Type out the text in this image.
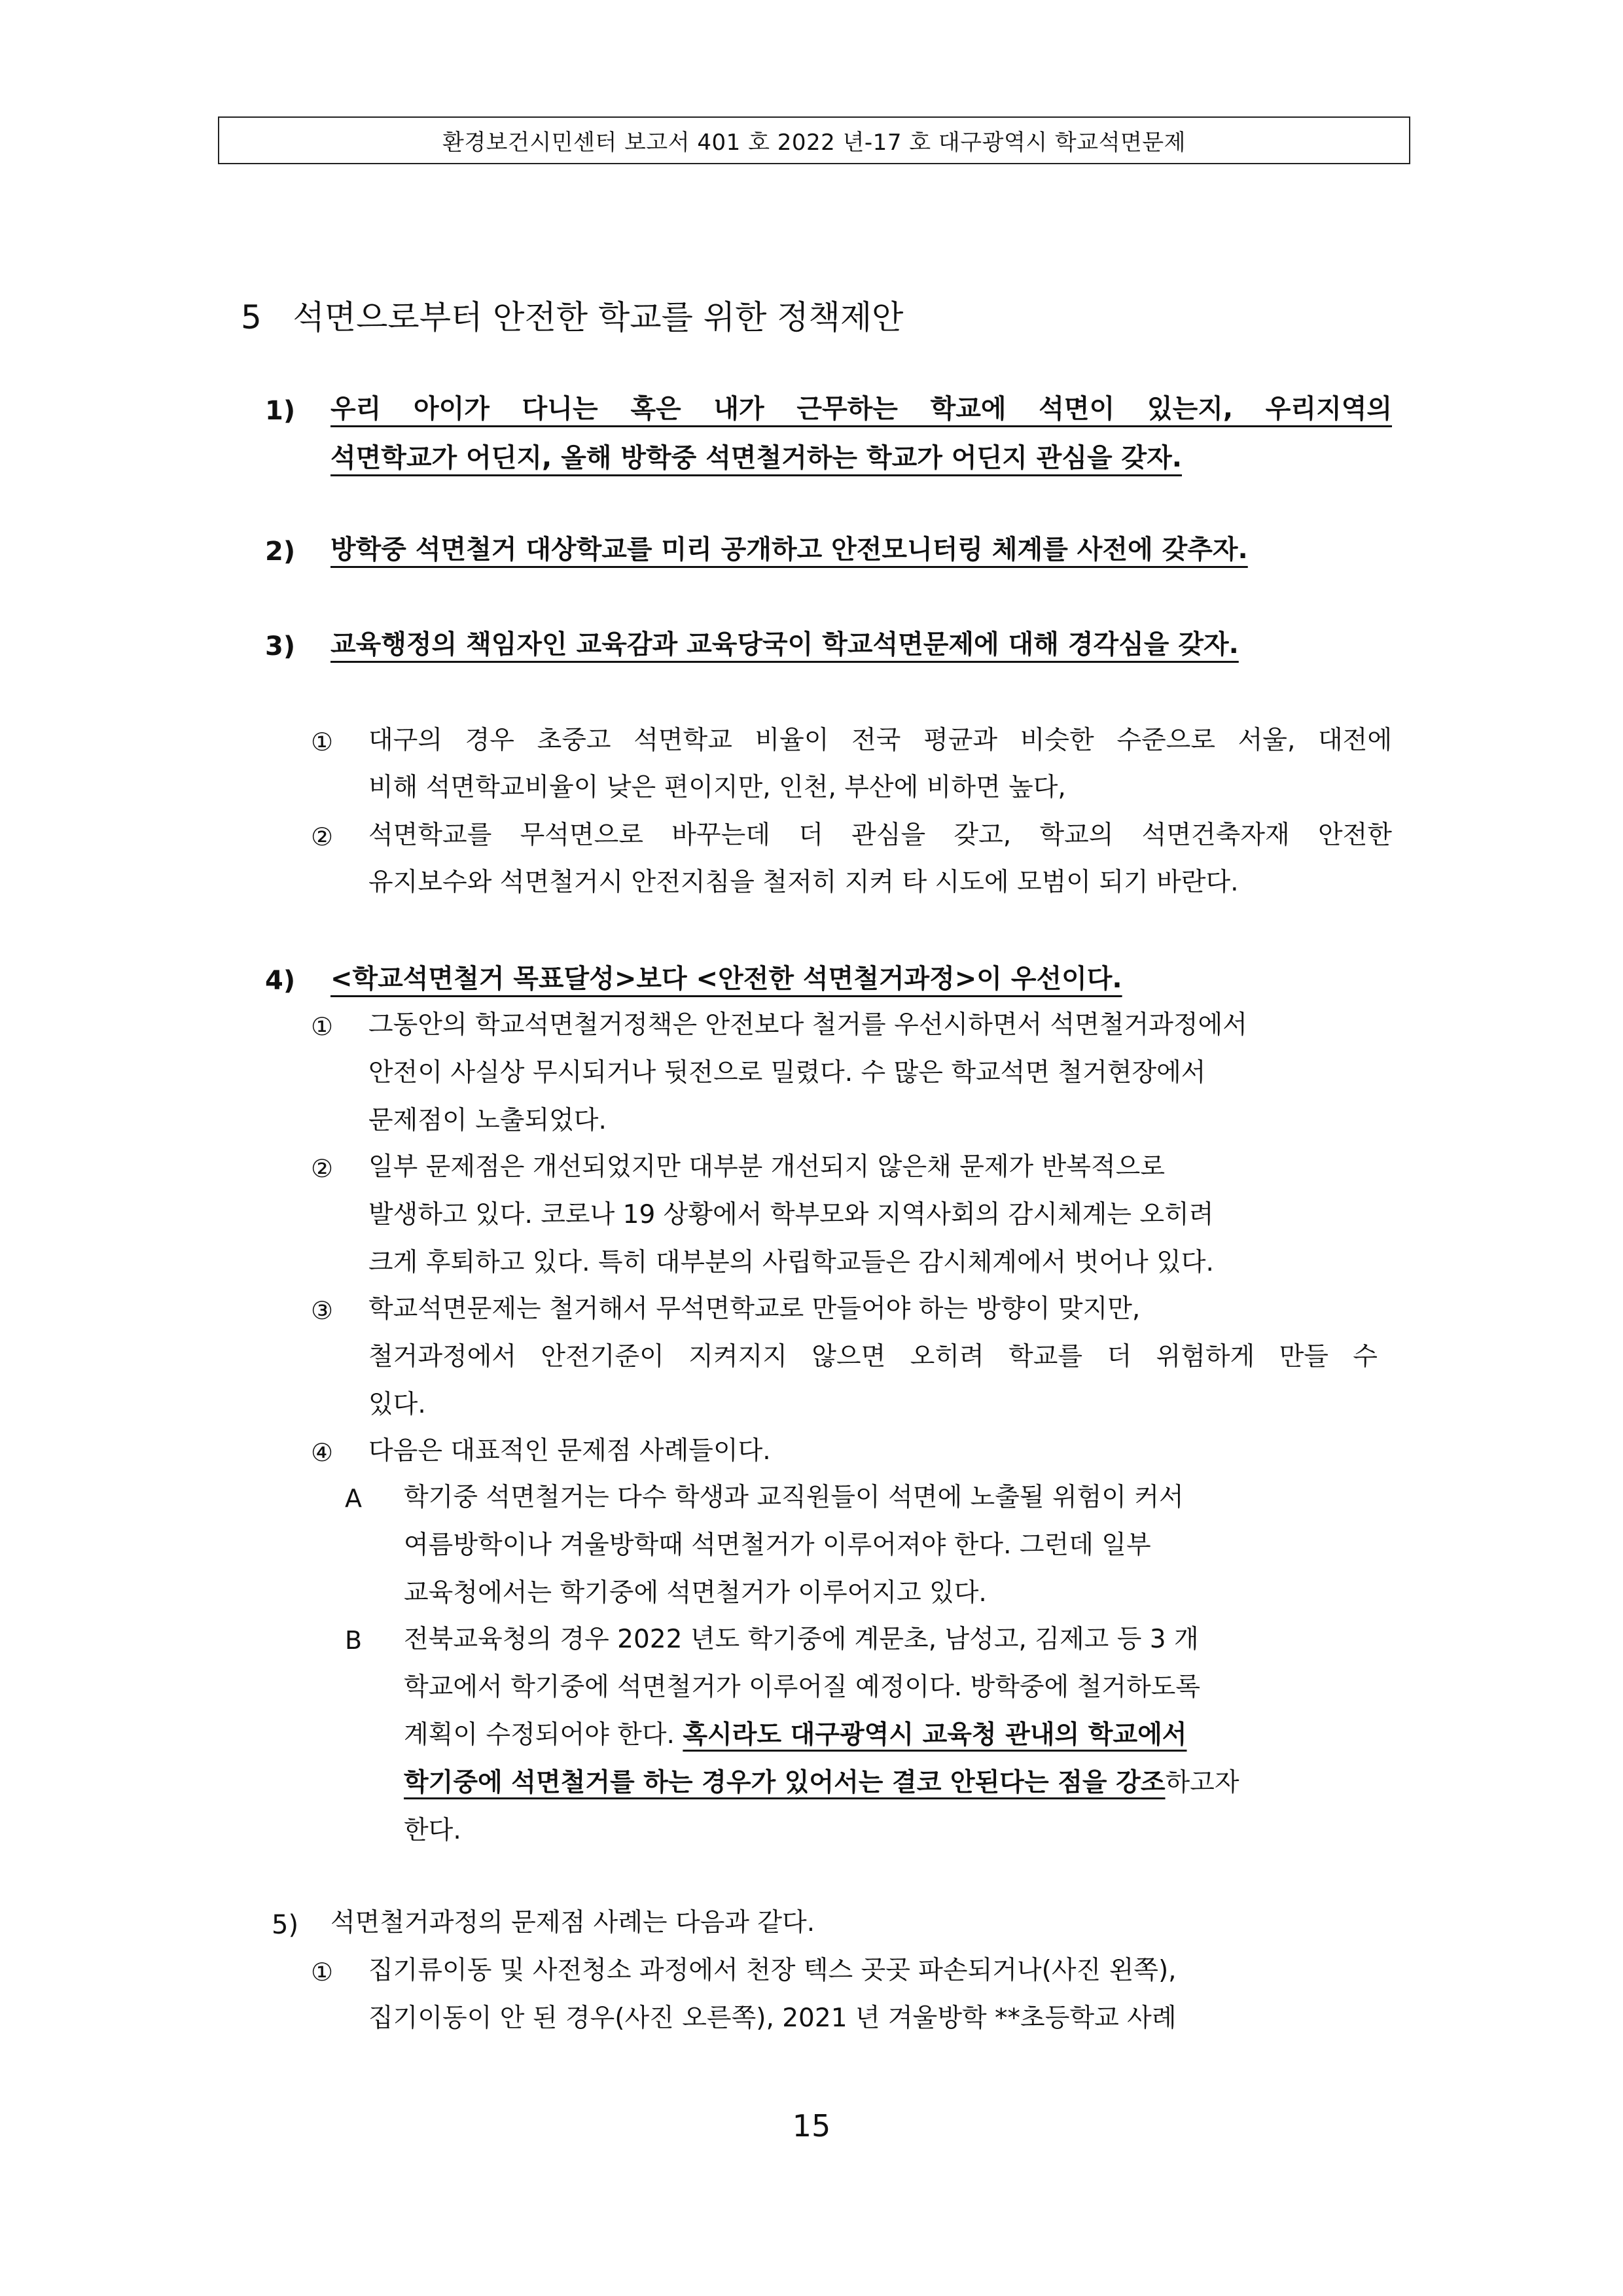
환경보건시민센터 보고서 401 호 2022 년-17 호 대구광역시 학교석면문제
5   석면으로부터 안전한 학교를 위한 정책제안
1) 우리 아이가 다니는 혹은 내가 근무하는 학교에 석면이 있는지, 우리지역의
석면학교가 어딘지, 올해 방학중 석면철거하는 학교가 어딘지 관심을 갖자.
2) 방학중 석면철거 대상학교를 미리 공개하고 안전모니터링 체계를 사전에 갖추자.
3) 교육행정의 책임자인 교육감과 교육당국이 학교석면문제에 대해 경각심을 갖자.
① 대구의 경우 초중고 석면학교 비율이 전국 평균과 비슷한 수준으로 서울, 대전에
비해 석면학교비율이 낮은 편이지만, 인천, 부산에 비하면 높다,
② 석면학교를 무석면으로 바꾸는데 더 관심을 갖고, 학교의 석면건축자재 안전한
유지보수와 석면철거시 안전지침을 철저히 지켜 타 시도에 모범이 되기 바란다.
4) <학교석면철거 목표달성>보다 <안전한 석면철거과정>이 우선이다.
① 그동안의 학교석면철거정책은 안전보다 철거를 우선시하면서 석면철거과정에서
안전이 사실상 무시되거나 뒷전으로 밀렸다. 수 많은 학교석면 철거현장에서
문제점이 노출되었다.
② 일부 문제점은 개선되었지만 대부분 개선되지 않은채 문제가 반복적으로
발생하고 있다. 코로나 19 상황에서 학부모와 지역사회의 감시체계는 오히려
크게 후퇴하고 있다. 특히 대부분의 사립학교들은 감시체계에서 벗어나 있다.
③ 학교석면문제는 철거해서 무석면학교로 만들어야 하는 방향이 맞지만,
철거과정에서 안전기준이 지켜지지 않으면 오히려 학교를 더 위험하게 만들 수
있다.
④ 다음은 대표적인 문제점 사례들이다.
A 학기중 석면철거는 다수 학생과 교직원들이 석면에 노출될 위험이 커서
여름방학이나 겨울방학때 석면철거가 이루어져야 한다. 그런데 일부
교육청에서는 학기중에 석면철거가 이루어지고 있다.
B 전북교육청의 경우 2022 년도 학기중에 계문초, 남성고, 김제고 등 3 개
학교에서 학기중에 석면철거가 이루어질 예정이다. 방학중에 철거하도록
계획이 수정되어야 한다. 혹시라도 대구광역시 교육청 관내의 학교에서
학기중에 석면철거를 하는 경우가 있어서는 결코 안된다는 점을 강조하고자
한다.
5) 석면철거과정의 문제점 사례는 다음과 같다.
① 집기류이동 및 사전청소 과정에서 천장 텍스 곳곳 파손되거나(사진 왼쪽),
집기이동이 안 된 경우(사진 오른쪽), 2021 년 겨울방학 **초등학교 사례
15
